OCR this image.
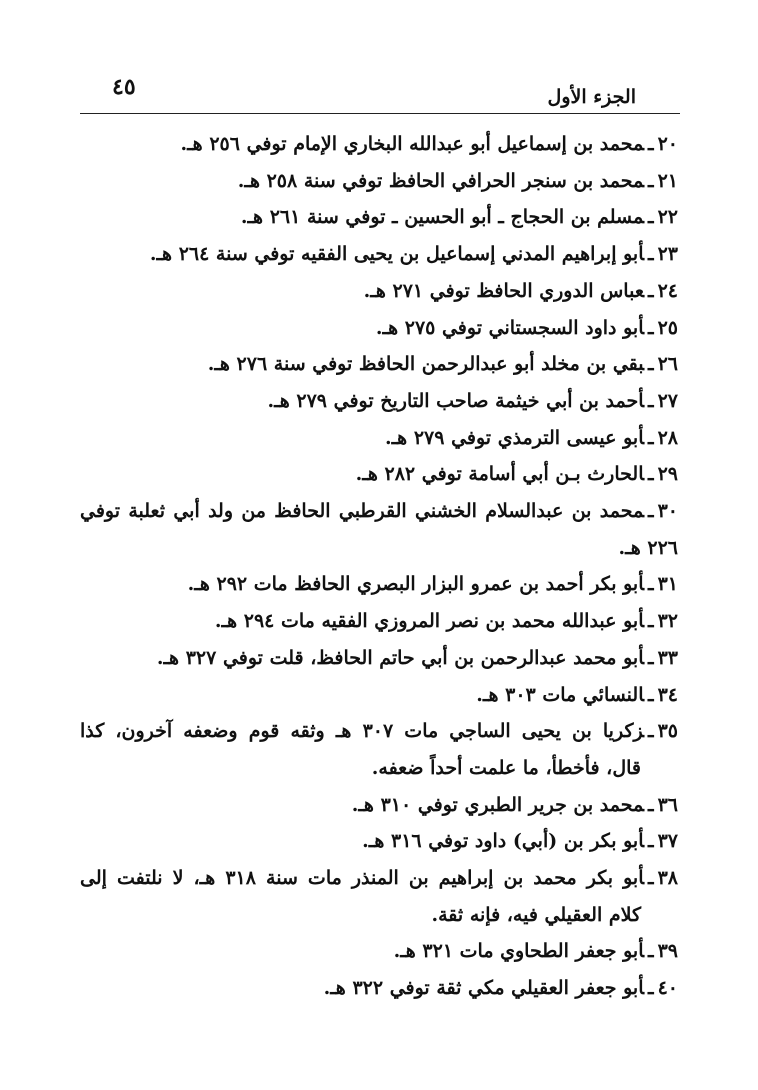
٤٥	الجزء الأول
٢٠ـمحمد بن إسماعيل أبو عبدالله البخاري الإمام توفي ٢٥٦ هـ.
٢١ـمحمد بن سنجر الحرافي الحافظ توفي سنة ٢٥٨ هـ.
٢٢ـمسلم بن الحجاج ـ أبو الحسين ـ توفي سنة ٢٦١ هـ.
٢٣ـأبو إبراهيم المدني إسماعيل بن يحيى الفقيه توفي سنة ٢٦٤ هـ.
٢٤ـعباس الدوري الحافظ توفي ٢٧١ هـ.
٢٥ـأبو داود السجستاني توفي ٢٧٥ هـ.
٢٦ـبقي بن مخلد أبو عبدالرحمن الحافظ توفي سنة ٢٧٦ هـ.
٢٧ـأحمد بن أبي خيثمة صاحب التاريخ توفي ٢٧٩ هـ.
٢٨ـأبو عيسى الترمذي توفي ٢٧٩ هـ.
٢٩ـالحارث بـن أبي أسامة توفي ٢٨٢ هـ.
٣٠ـمحمد بن عبدالسلام الخشني القرطبي الحافظ من ولد أبي ثعلبة توفي
٢٢٦ هـ.
٣١ـأبو بكر أحمد بن عمرو البزار البصري الحافظ مات ٢٩٢ هـ.
٣٢ـأبو عبدالله محمد بن نصر المروزي الفقيه مات ٢٩٤ هـ.
٣٣ـأبو محمد عبدالرحمن بن أبي حاتم الحافظ، قلت توفي ٣٢٧ هـ.
٣٤ـالنسائي مات ٣٠٣ هـ.
٣٥ـزكريا بن يحيى الساجي مات ٣٠٧ هـ وثقه قوم وضعفه آخرون، كذا
قال، فأخطأ، ما علمت أحداً ضعفه.
٣٦ـمحمد بن جرير الطبري توفي ٣١٠ هـ.
٣٧ـأبو بكر بن (أبي) داود توفي ٣١٦ هـ.
٣٨ـأبو بكر محمد بن إبراهيم بن المنذر مات سنة ٣١٨ هـ، لا نلتفت إلى
كلام العقيلي فيه، فإنه ثقة.
٣٩ـأبو جعفر الطحاوي مات ٣٢١ هـ.
٤٠ـأبو جعفر العقيلي مكي ثقة توفي ٣٢٢ هـ.
